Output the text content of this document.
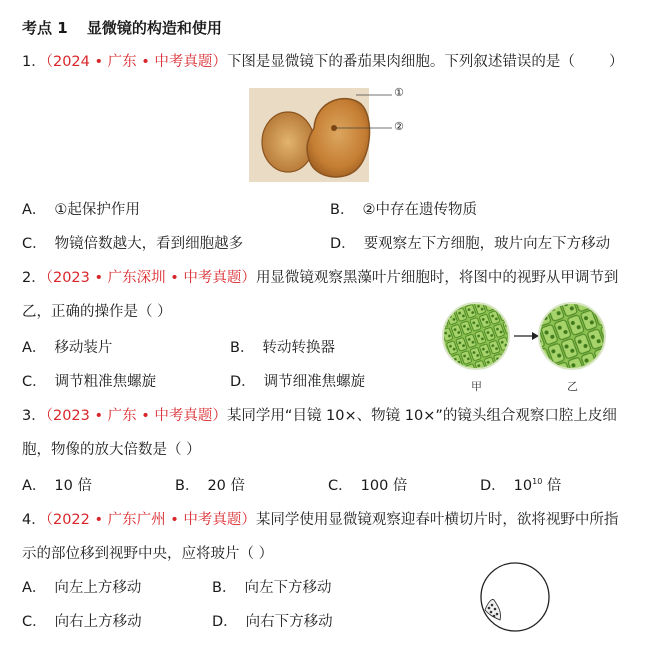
考点 1 显微镜的构造和使用
1．（2024 • 广东 • 中考真题）下图是显微镜下的番茄果肉细胞。下列叙述错误的是（ ）
①
②
A． ①起保护作用	B． ②中存在遗传物质
C． 物镜倍数越大，看到细胞越多	D． 要观察左下方细胞，玻片向左下方移动
2．（2023 • 广东深圳 • 中考真题）用显微镜观察黑藻叶片细胞时，将图中的视野从甲调节到
乙，正确的操作是（ ）
甲	乙
A． 移动装片	B． 转动转换器
C． 调节粗准焦螺旋	D． 调节细准焦螺旋
3．（2023 • 广东 • 中考真题）某同学用“目镜 10×、物镜 10×”的镜头组合观察口腔上皮细
胞，物像的放大倍数是（ ）
A． 10 倍	B． 20 倍	C． 100 倍	D． $10^{10}$ 倍
4．（2022 • 广东广州 • 中考真题）某同学使用显微镜观察迎春叶横切片时，欲将视野中所指
示的部位移到视野中央，应将玻片（ ）
A． 向左上方移动	B． 向左下方移动
C． 向右上方移动	D． 向右下方移动
